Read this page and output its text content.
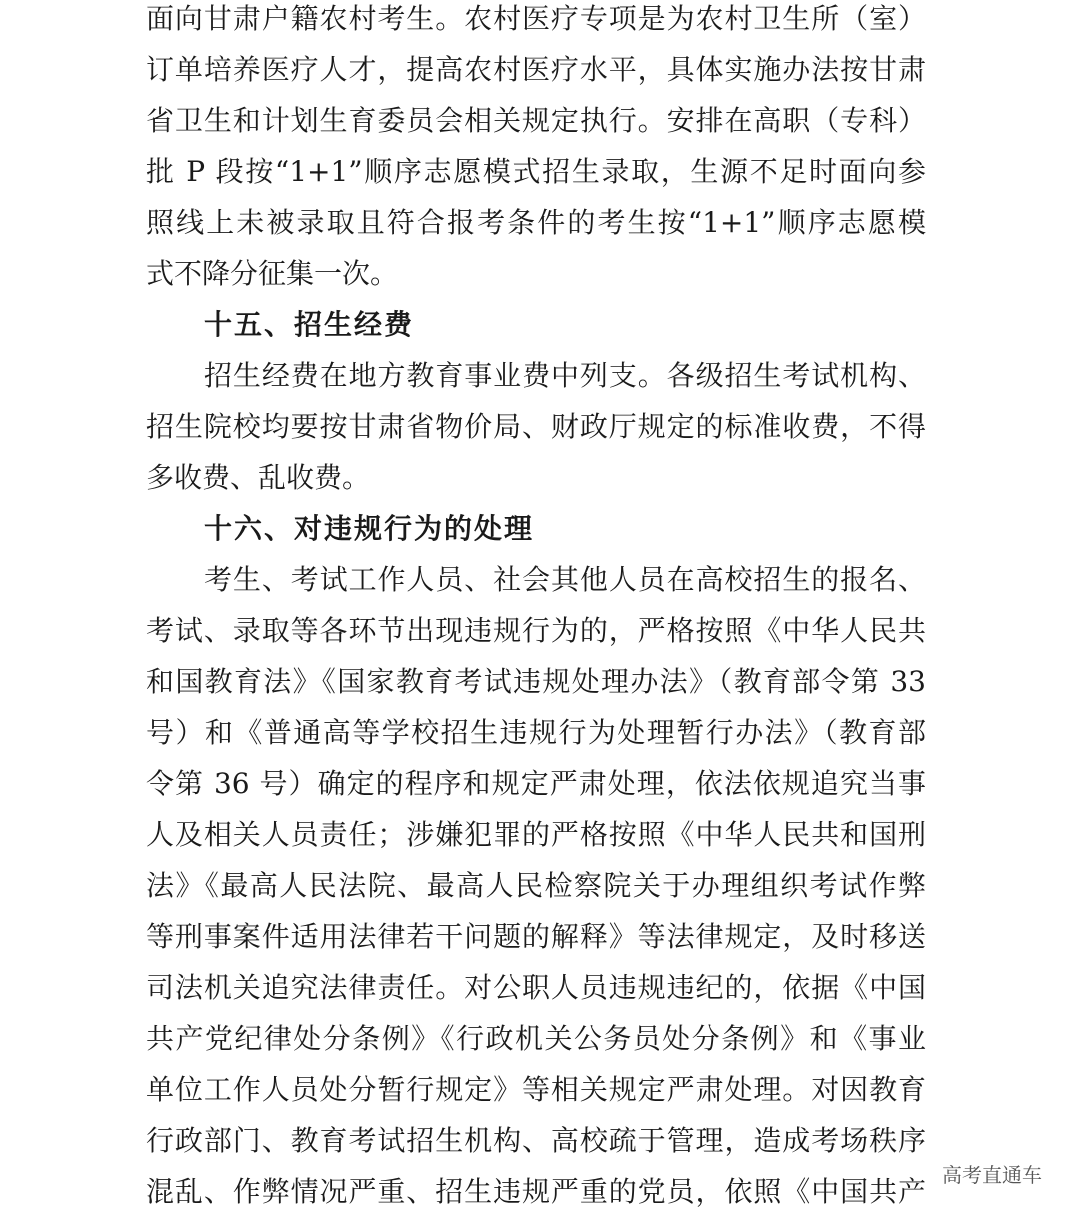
面向甘肃户籍农村考生。农村医疗专项是为农村卫生所（室）
订单培养医疗人才，提高农村医疗水平，具体实施办法按甘肃
省卫生和计划生育委员会相关规定执行。安排在高职（专科）
批 P 段按“1+1”顺序志愿模式招生录取，生源不足时面向参
照线上未被录取且符合报考条件的考生按“1+1”顺序志愿模
式不降分征集一次。
十五、招生经费
招生经费在地方教育事业费中列支。各级招生考试机构、
招生院校均要按甘肃省物价局、财政厅规定的标准收费，不得
多收费、乱收费。
十六、对违规行为的处理
考生、考试工作人员、社会其他人员在高校招生的报名、
考试、录取等各环节出现违规行为的，严格按照《中华人民共
和国教育法》《国家教育考试违规处理办法》（教育部令第 33
号）和《普通高等学校招生违规行为处理暂行办法》（教育部
令第 36 号）确定的程序和规定严肃处理，依法依规追究当事
人及相关人员责任；涉嫌犯罪的严格按照《中华人民共和国刑
法》《最高人民法院、最高人民检察院关于办理组织考试作弊
等刑事案件适用法律若干问题的解释》等法律规定，及时移送
司法机关追究法律责任。对公职人员违规违纪的，依据《中国
共产党纪律处分条例》《行政机关公务员处分条例》和《事业
单位工作人员处分暂行规定》等相关规定严肃处理。对因教育
行政部门、教育考试招生机构、高校疏于管理，造成考场秩序
混乱、作弊情况严重、招生违规严重的党员，依照《中国共产 高考直通车
